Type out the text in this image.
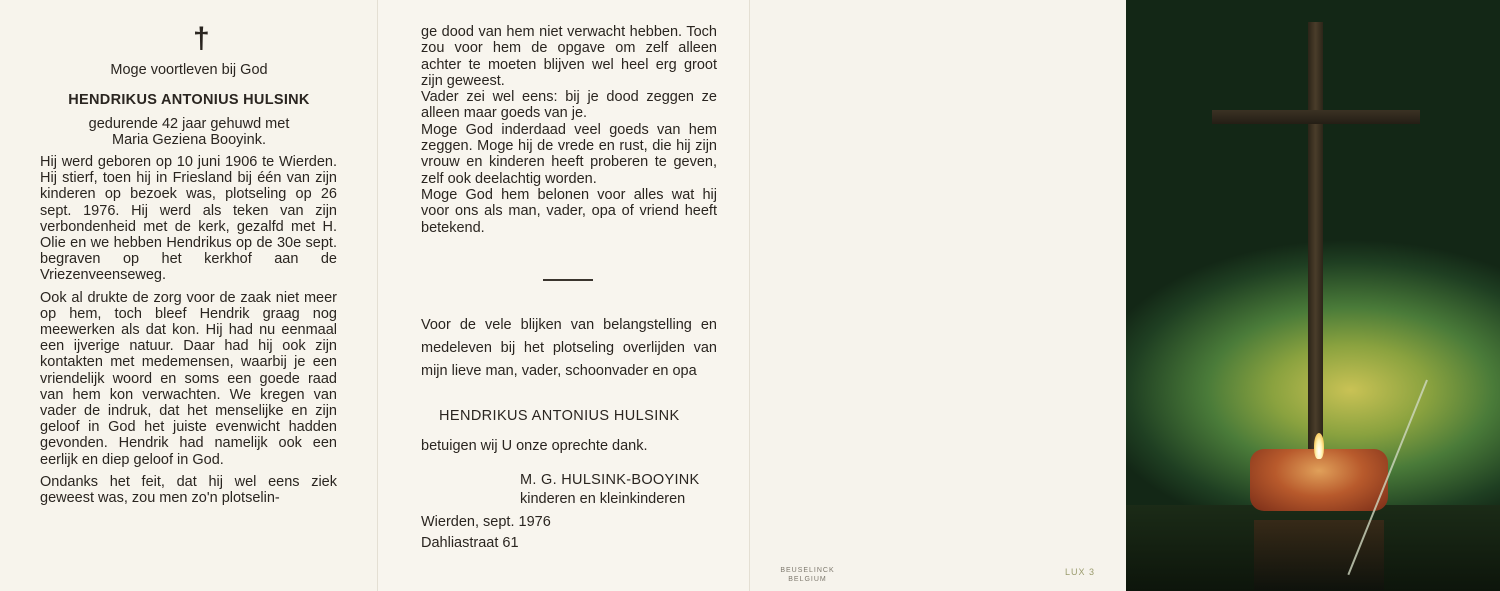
†
Moge voortleven bij God
HENDRIKUS ANTONIUS HULSINK
gedurende 42 jaar gehuwd met
Maria Geziena Booyink.

Hij werd geboren op 10 juni 1906 te Wierden. Hij stierf, toen hij in Friesland bij één van zijn kinderen op bezoek was, plotseling op 26 sept. 1976. Hij werd als teken van zijn verbondenheid met de kerk, gezalfd met H. Olie en we hebben Hendrikus op de 30e sept. begraven op het kerkhof aan de Vriezenveenseweg.

Ook al drukte de zorg voor de zaak niet meer op hem, toch bleef Hendrik graag nog meewerken als dat kon. Hij had nu eenmaal een ijverige natuur. Daar had hij ook zijn kontakten met medemensen, waarbij je een vriendelijk woord en soms een goede raad van hem kon verwachten. We kregen van vader de indruk, dat het menselijke en zijn geloof in God het juiste evenwicht hadden gevonden. Hendrik had namelijk ook een eerlijk en diep geloof in God.

Ondanks het feit, dat hij wel eens ziek geweest was, zou men zo'n plotselin-

ge dood van hem niet verwacht hebben. Toch zou voor hem de opgave om zelf alleen achter te moeten blijven wel heel erg groot zijn geweest.

Vader zei wel eens: bij je dood zeggen ze alleen maar goeds van je.

Moge God inderdaad veel goeds van hem zeggen. Moge hij de vrede en rust, die hij zijn vrouw en kinderen heeft proberen te geven, zelf ook deelachtig worden.

Moge God hem belonen voor alles wat hij voor ons als man, vader, opa of vriend heeft betekend.

Voor de vele blijken van belangstelling en medeleven bij het plotseling overlijden van mijn lieve man, vader, schoonvader en opa
HENDRIKUS ANTONIUS HULSINK
betuigen wij U onze oprechte dank.
M. G. HULSINK-BOOYINK
kinderen en kleinkinderen
Wierden, sept. 1976
Dahliastraat 61
BEUSELINCK
BELGIUM
LUX 3
